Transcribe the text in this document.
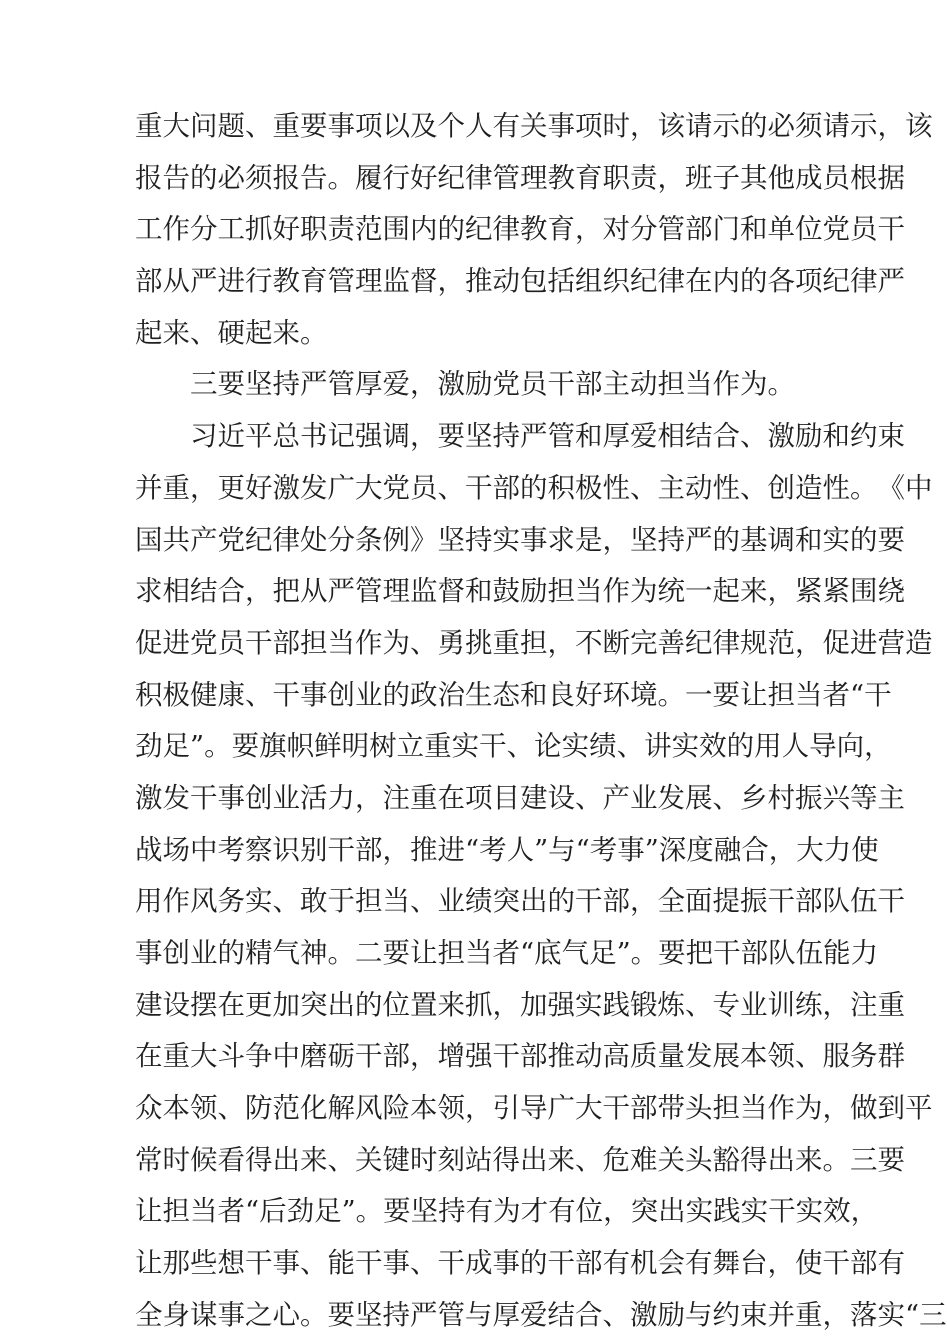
重 大 问 题 、 重 要 事 项 以 及 个 人 有 关 事 项 时 ， 该 请 示 的 必 须 请 示 ， 该
报 告 的 必 须 报 告 。 履 行 好 纪 律 管 理 教 育 职 责 ， 班 子 其 他 成 员 根 据
工 作 分 工 抓 好 职 责 范 围 内 的 纪 律 教 育 ， 对 分 管 部 门 和 单 位 党 员 干
部 从 严 进 行 教 育 管 理 监 督 ， 推 动 包 括 组 织 纪 律 在 内 的 各 项 纪 律 严
起来、硬起来。
三要坚持严管厚爱，激励党员干部主动担当作为。
习 近 平 总 书 记 强 调 ， 要 坚 持 严 管 和 厚 爱 相 结 合 、 激 励 和 约 束
并 重 ， 更 好 激 发 广 大 党 员 、 干 部 的 积 极 性 、 主 动 性 、 创 造 性 。 《 中
国 共 产 党 纪 律 处 分 条 例 》 坚 持 实 事 求 是 ， 坚 持 严 的 基 调 和 实 的 要
求 相 结 合 ， 把 从 严 管 理 监 督 和 鼓 励 担 当 作 为 统 一 起 来 ， 紧 紧 围 绕
促 进 党 员 干 部 担 当 作 为 、 勇 挑 重 担 ， 不 断 完 善 纪 律 规 范 ， 促 进 营 造
积 极 健 康 、 干 事 创 业 的 政 治 生 态 和 良 好 环 境 。 一 要 让 担 当 者 “ 干
劲 足 ” 。 要 旗 帜 鲜 明 树 立 重 实 干 、 论 实 绩 、 讲 实 效 的 用 人 导 向 ，
激 发 干 事 创 业 活 力 ， 注 重 在 项 目 建 设 、 产 业 发 展 、 乡 村 振 兴 等 主
战 场 中 考 察 识 别 干 部 ， 推 进 “ 考 人 ” 与 “ 考 事 ” 深 度 融 合 ， 大 力 使
用 作 风 务 实 、 敢 于 担 当 、 业 绩 突 出 的 干 部 ， 全 面 提 振 干 部 队 伍 干
事 创 业 的 精 气 神 。 二 要 让 担 当 者 “ 底 气 足 ” 。 要 把 干 部 队 伍 能 力
建 设 摆 在 更 加 突 出 的 位 置 来 抓 ， 加 强 实 践 锻 炼 、 专 业 训 练 ， 注 重
在 重 大 斗 争 中 磨 砺 干 部 ， 增 强 干 部 推 动 高 质 量 发 展 本 领 、 服 务 群
众 本 领 、 防 范 化 解 风 险 本 领 ， 引 导 广 大 干 部 带 头 担 当 作 为 ， 做 到 平
常 时 候 看 得 出 来 、 关 键 时 刻 站 得 出 来 、 危 难 关 头 豁 得 出 来 。 三 要
让 担 当 者 “ 后 劲 足 ” 。 要 坚 持 有 为 才 有 位 ， 突 出 实 践 实 干 实 效 ，
让 那 些 想 干 事 、 能 干 事 、 干 成 事 的 干 部 有 机 会 有 舞 台 ， 使 干 部 有
全 身 谋 事 之 心 。 要 坚 持 严 管 与 厚 爱 结 合 、 激 励 与 约 束 并 重 ， 落 实 “ 三
